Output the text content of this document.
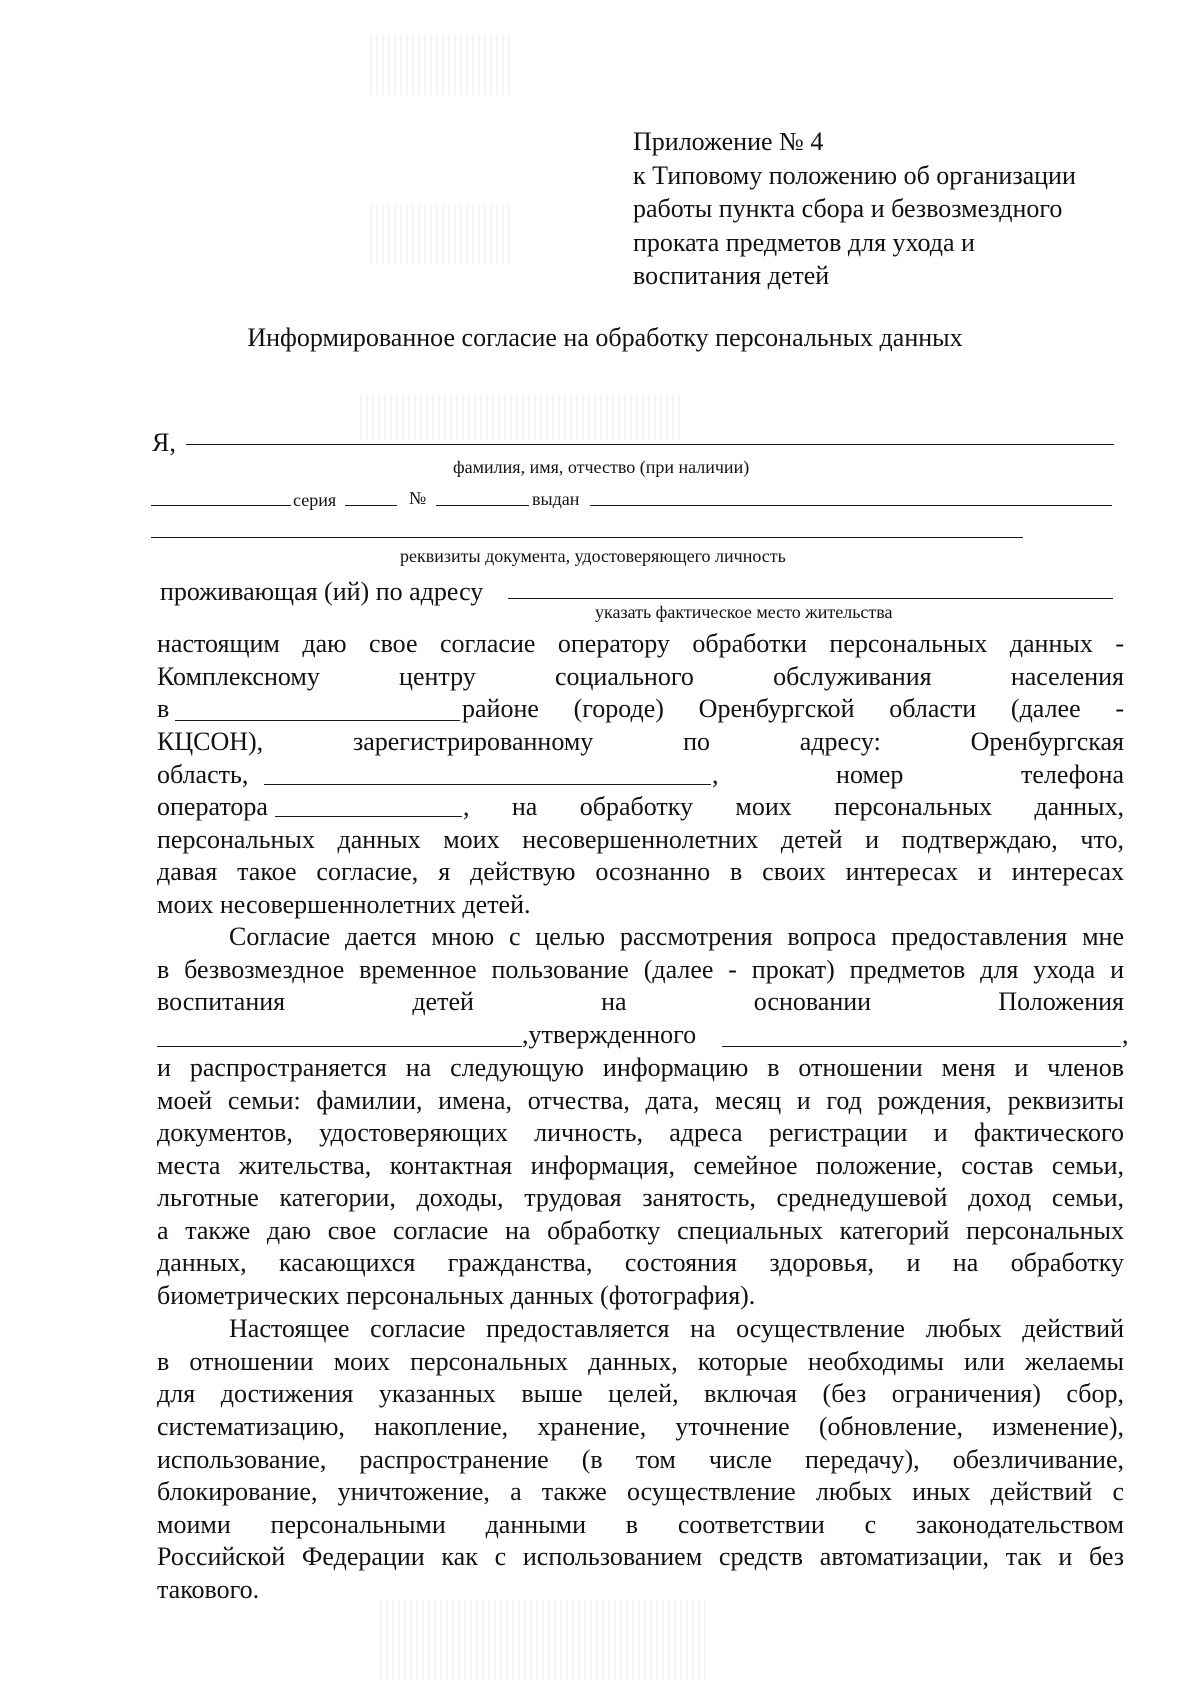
Приложение № 4
к Типовому положению об организации
работы пункта сбора и безвозмездного
проката предметов для ухода и
воспитания детей
Информированное согласие на обработку персональных данных
Я,
фамилия, имя, отчество (при наличии)
серия	№	выдан
реквизиты документа, удостоверяющего личность
проживающая (ий) по адресу
указать фактическое место жительства
настоящим даю свое согласие оператору обработки персональных данных -
Комплексному центру социального обслуживания населения
в	районе (городе) Оренбургской области (далее -
КЦСОН), зарегистрированному по адресу: Оренбургская
область,	, номер телефона
оператора	, на обработку моих персональных данных,
персональных данных моих несовершеннолетних детей и подтверждаю, что,
давая такое согласие, я действую осознанно в своих интересах и интересах
моих несовершеннолетних детей.
Согласие дается мною с целью рассмотрения вопроса предоставления мне
в безвозмездное временное пользование (далее - прокат) предметов для ухода и
воспитания детей на основании Положения
,утвержденного	,
и распространяется на следующую информацию в отношении меня и членов
моей семьи: фамилии, имена, отчества, дата, месяц и год рождения, реквизиты
документов, удостоверяющих личность, адреса регистрации и фактического
места жительства, контактная информация, семейное положение, состав семьи,
льготные категории, доходы, трудовая занятость, среднедушевой доход семьи,
а также даю свое согласие на обработку специальных категорий персональных
данных, касающихся гражданства, состояния здоровья, и на обработку
биометрических персональных данных (фотография).
Настоящее согласие предоставляется на осуществление любых действий
в отношении моих персональных данных, которые необходимы или желаемы
для достижения указанных выше целей, включая (без ограничения) сбор,
систематизацию, накопление, хранение, уточнение (обновление, изменение),
использование, распространение (в том числе передачу), обезличивание,
блокирование, уничтожение, а также осуществление любых иных действий с
моими персональными данными в соответствии с законодательством
Российской Федерации как с использованием средств автоматизации, так и без
такового.
